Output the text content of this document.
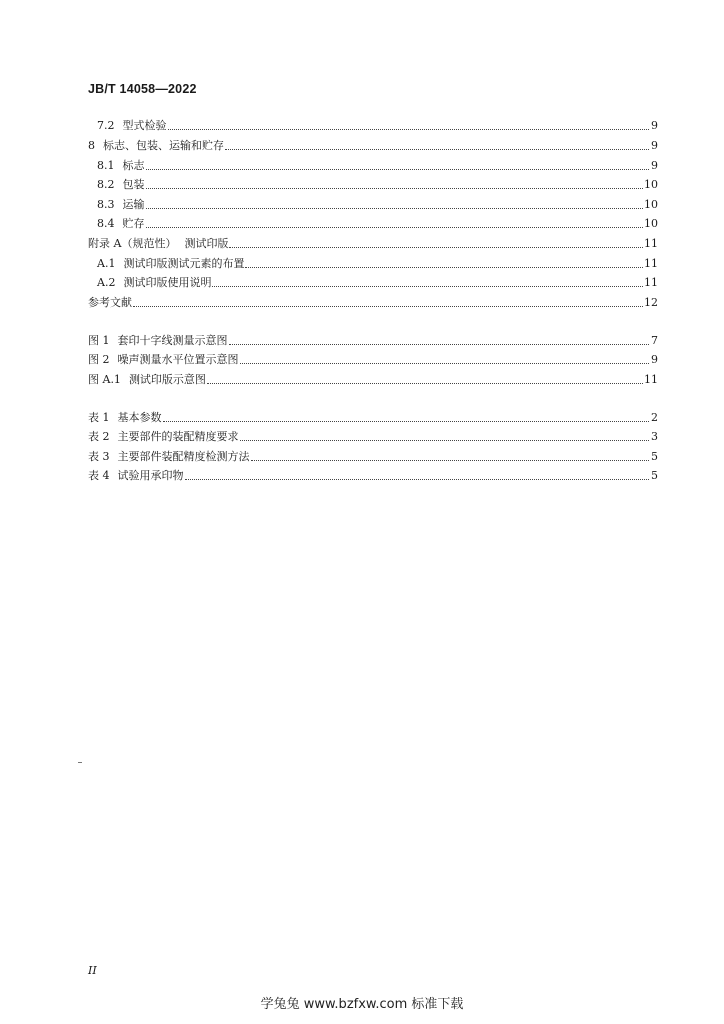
JB/T 14058—2022
7.2 型式检验	9
8 标志、包装、运输和贮存	9
8.1 标志	9
8.2 包装	10
8.3 运输	10
8.4 贮存	10
附录 A（规范性） 测试印版	11
A.1 测试印版测试元素的布置	11
A.2 测试印版使用说明	11
参考文献	12
图 1 套印十字线测量示意图	7
图 2 噪声测量水平位置示意图	9
图 A.1 测试印版示意图	11
表 1 基本参数	2
表 2 主要部件的装配精度要求	3
表 3 主要部件装配精度检测方法	5
表 4 试验用承印物	5
II
学兔兔 www.bzfxw.com 标准下载
